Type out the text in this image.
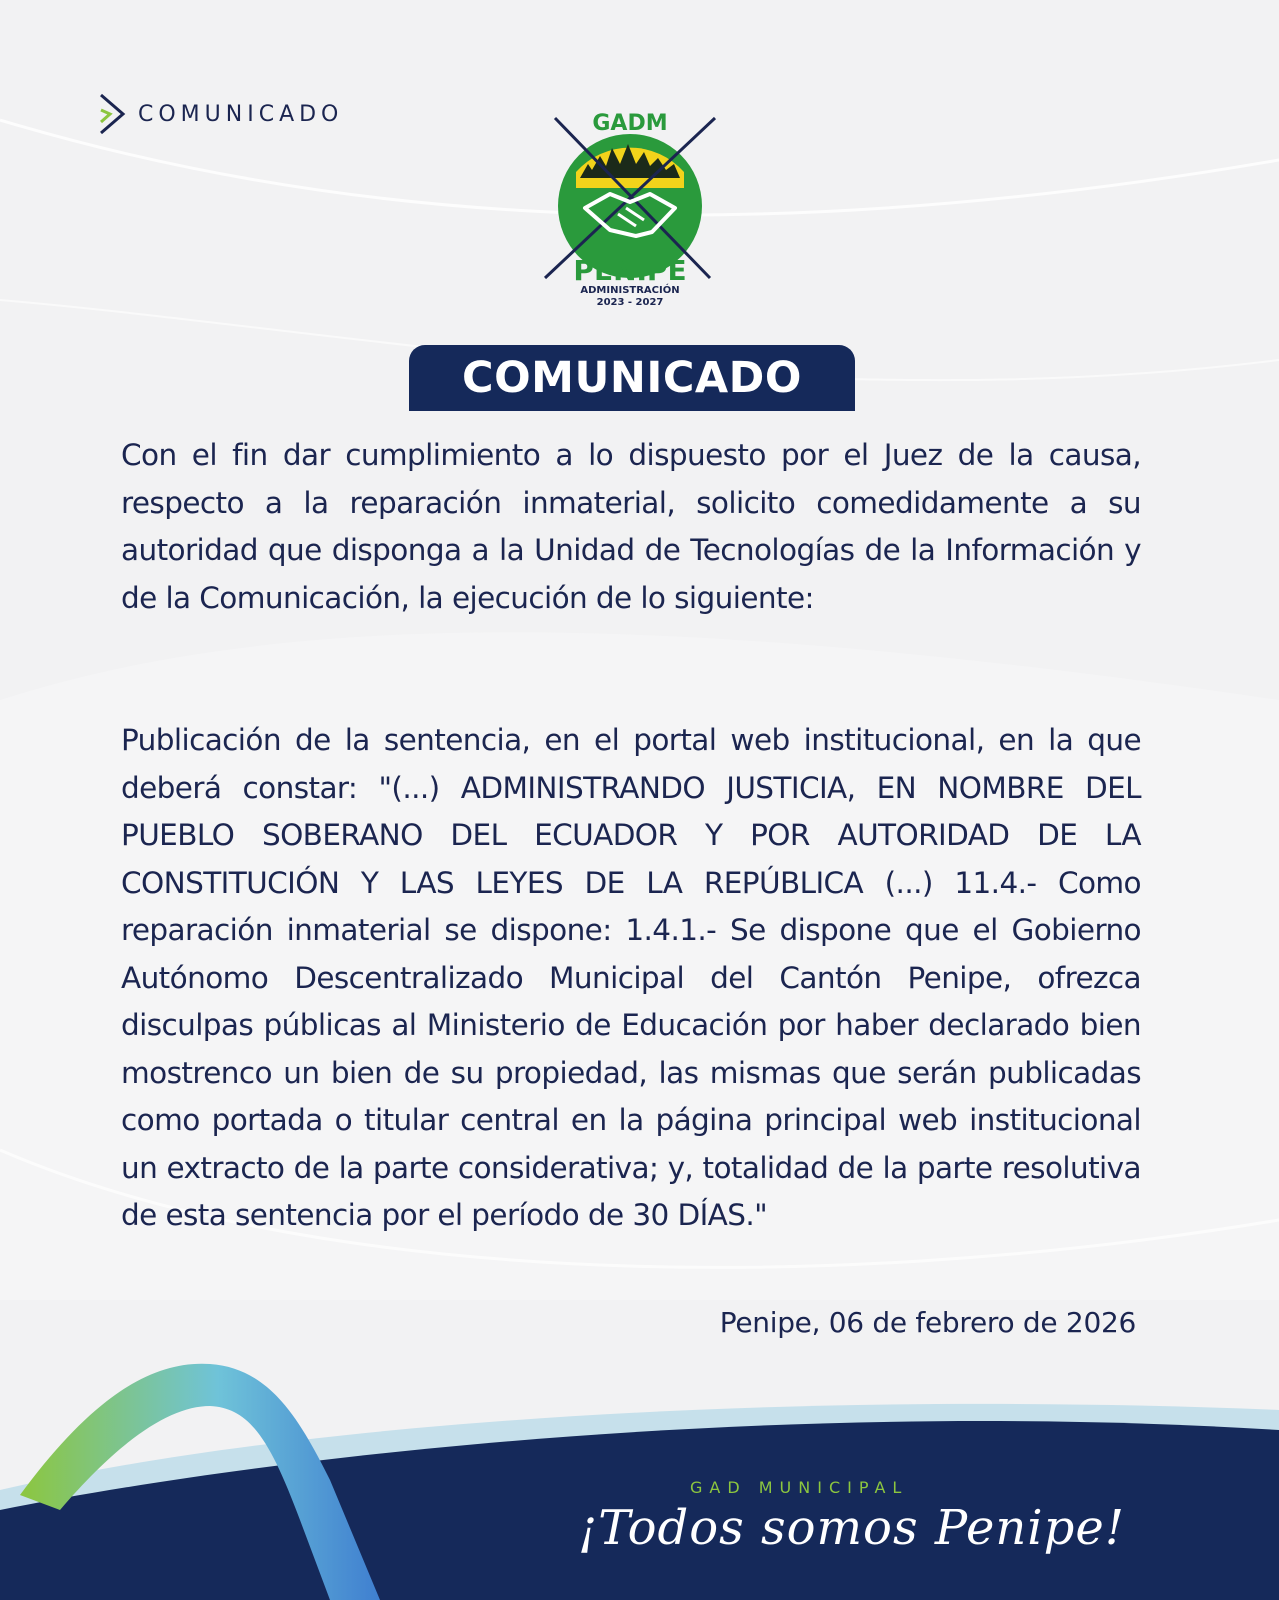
COMUNICADO	GADM
PENIPE
ADMINISTRACIÓN
2023 - 2027
COMUNICADO

Con el fin dar cumplimiento a lo dispuesto por el Juez de la causa, respecto a la reparación inmaterial, solicito comedidamente a su autoridad que disponga a la Unidad de Tecnologías de la Información y de la Comunicación, la ejecución de lo siguiente:

Publicación de la sentencia, en el portal web institucional, en la que deberá constar: "(...) ADMINISTRANDO JUSTICIA, EN NOMBRE DEL PUEBLO SOBERANO DEL ECUADOR Y POR AUTORIDAD DE LA CONSTITUCIÓN Y LAS LEYES DE LA REPÚBLICA (...) 11.4.- Como reparación inmaterial se dispone: 1.4.1.- Se dispone que el Gobierno Autónomo Descentralizado Municipal del Cantón Penipe, ofrezca disculpas públicas al Ministerio de Educación por haber declarado bien mostrenco un bien de su propiedad, las mismas que serán publicadas como portada o titular central en la página principal web institucional un extracto de la parte considerativa; y, totalidad de la parte resolutiva de esta sentencia por el período de 30 DÍAS."

Penipe, 06 de febrero de 2026
GAD MUNICIPAL
¡Todos somos Penipe!
